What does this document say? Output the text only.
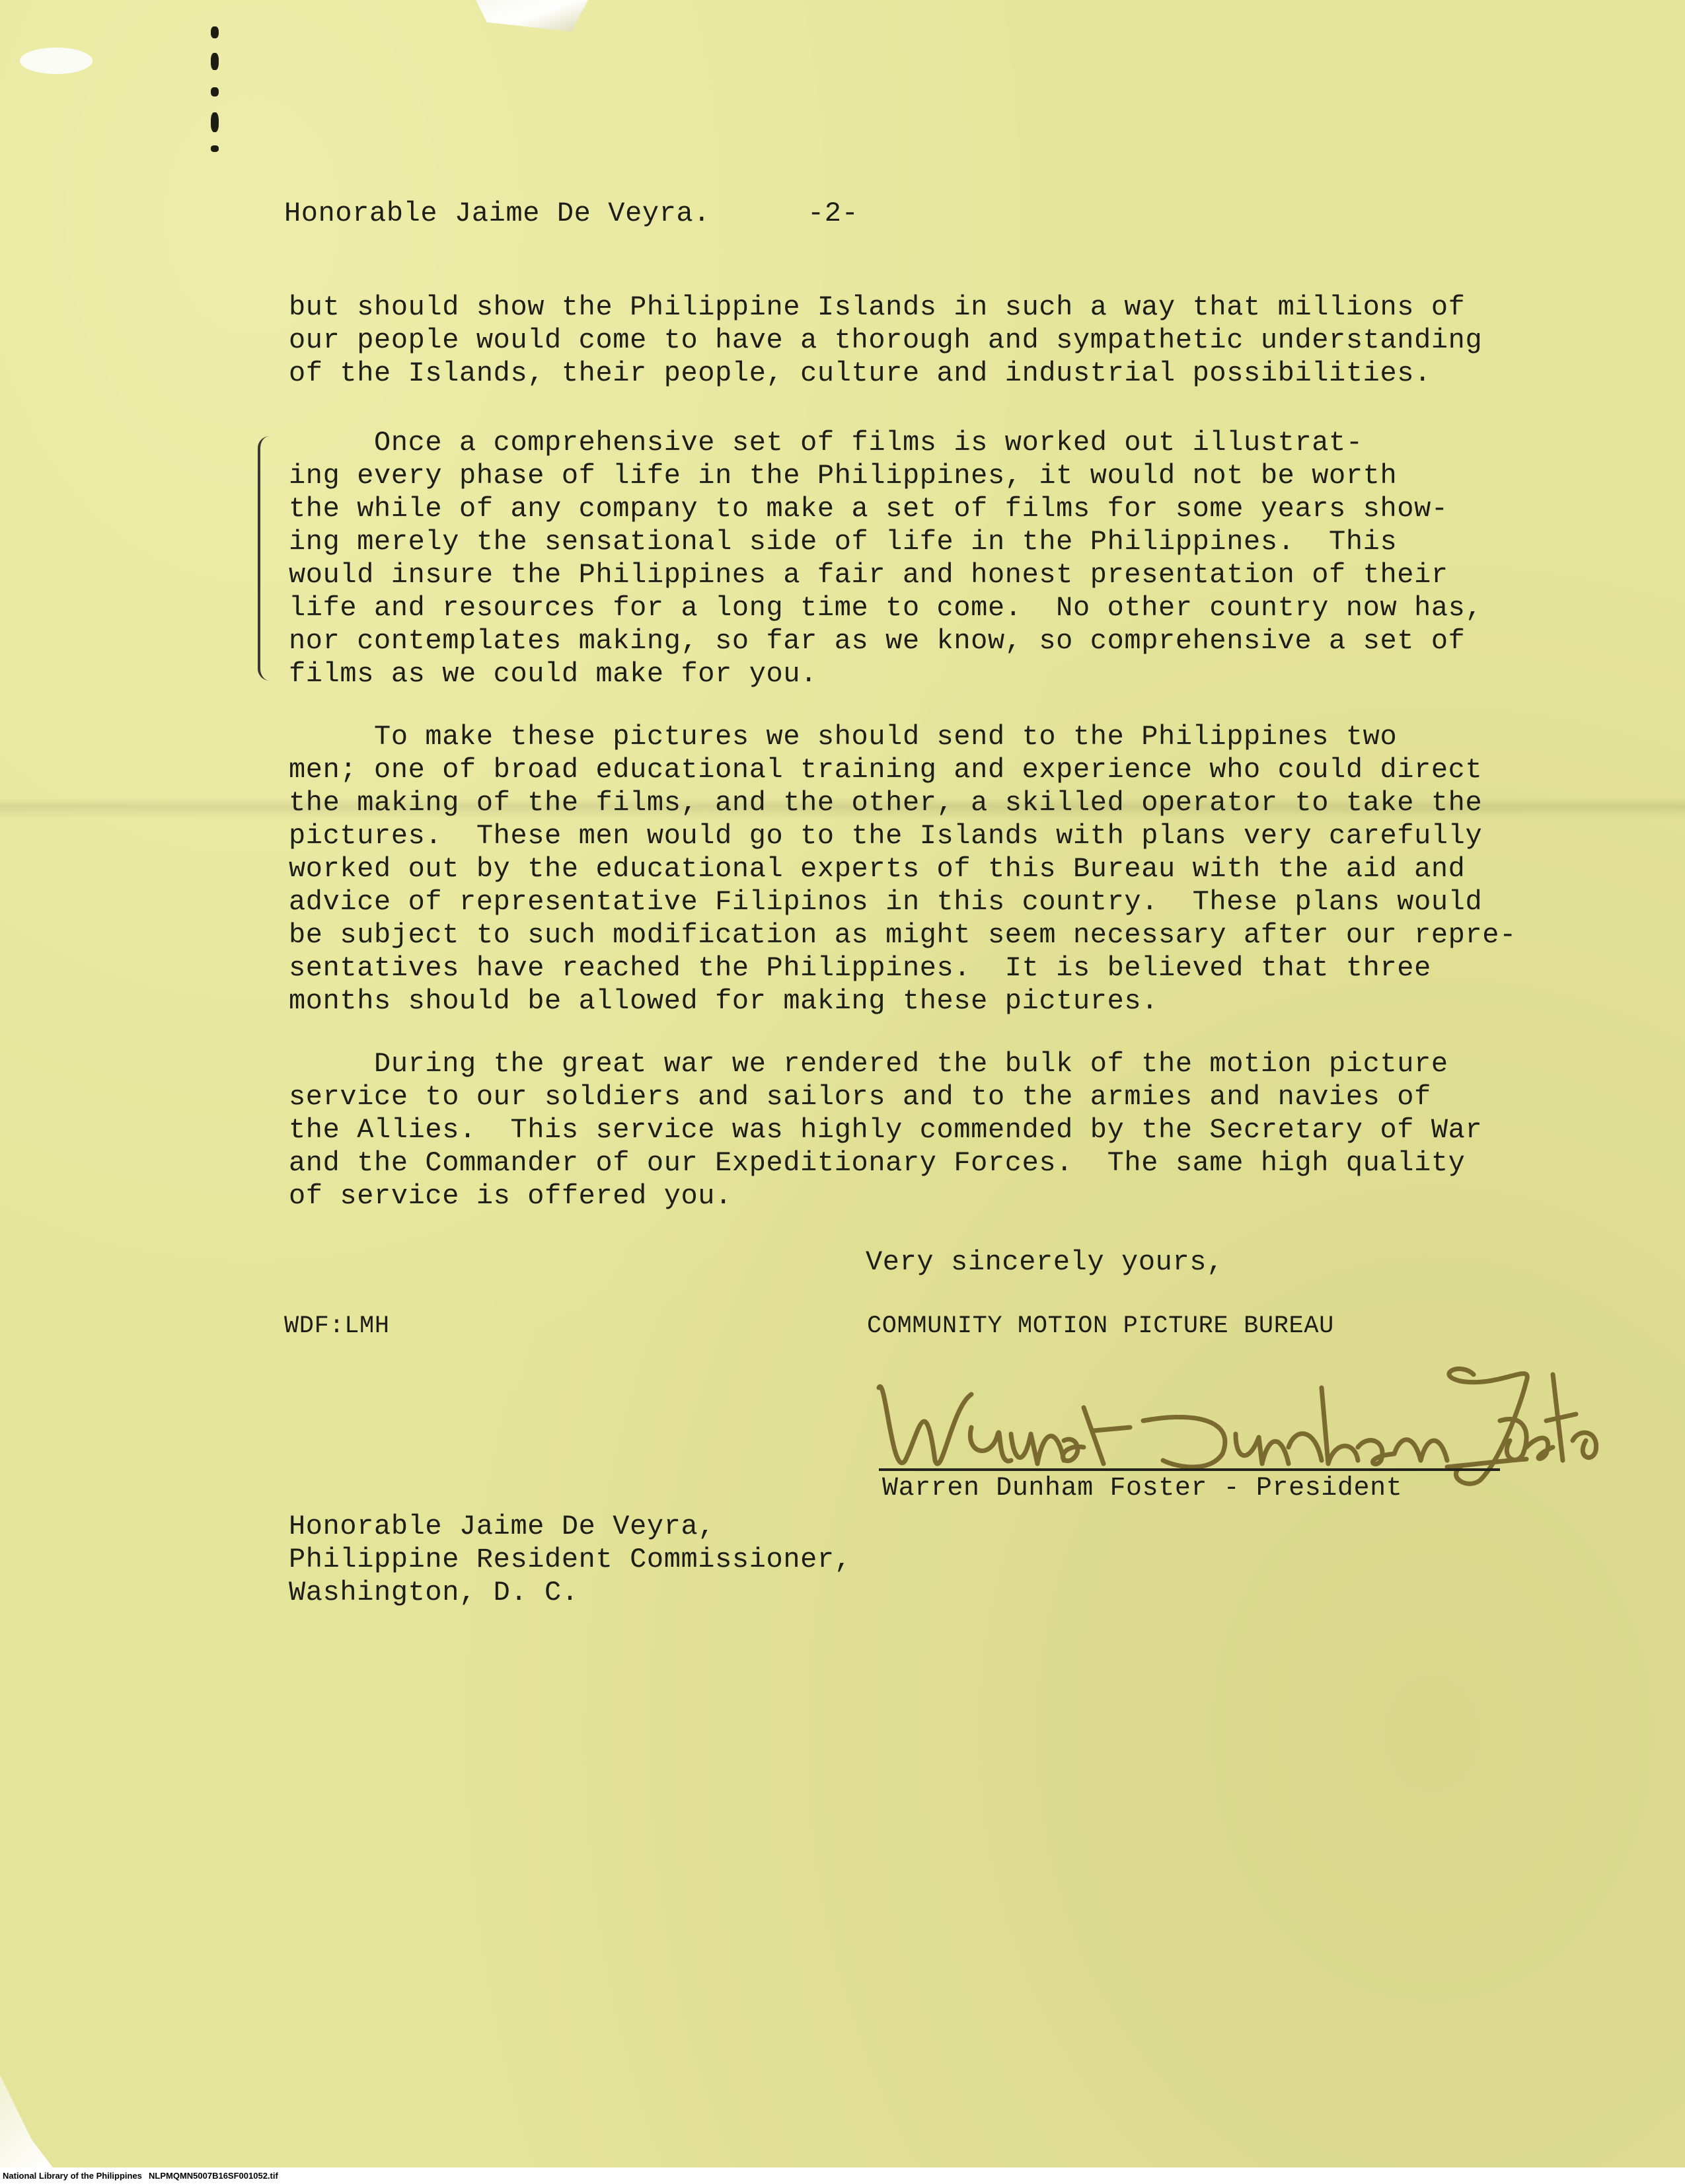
Honorable Jaime De Veyra.	-2-
but should show the Philippine Islands in such a way that millions of
our people would come to have a thorough and sympathetic understanding
of the Islands, their people, culture and industrial possibilities.
Once a comprehensive set of films is worked out illustrat-
ing every phase of life in the Philippines, it would not be worth
the while of any company to make a set of films for some years show-
ing merely the sensational side of life in the Philippines.  This
would insure the Philippines a fair and honest presentation of their
life and resources for a long time to come.  No other country now has,
nor contemplates making, so far as we know, so comprehensive a set of
films as we could make for you.
To make these pictures we should send to the Philippines two
men; one of broad educational training and experience who could direct
the making of the films, and the other, a skilled operator to take the
pictures.  These men would go to the Islands with plans very carefully
worked out by the educational experts of this Bureau with the aid and
advice of representative Filipinos in this country.  These plans would
be subject to such modification as might seem necessary after our repre-
sentatives have reached the Philippines.  It is believed that three
months should be allowed for making these pictures.
During the great war we rendered the bulk of the motion picture
service to our soldiers and sailors and to the armies and navies of
the Allies.  This service was highly commended by the Secretary of War
and the Commander of our Expeditionary Forces.  The same high quality
of service is offered you.
Very sincerely yours,
WDF:LMH	COMMUNITY MOTION PICTURE BUREAU
Warren Dunham Foster - President
Honorable Jaime De Veyra,
Philippine Resident Commissioner,
Washington, D. C.
National Library of the Philippines NLPMQMN5007B16SF001052.tif
